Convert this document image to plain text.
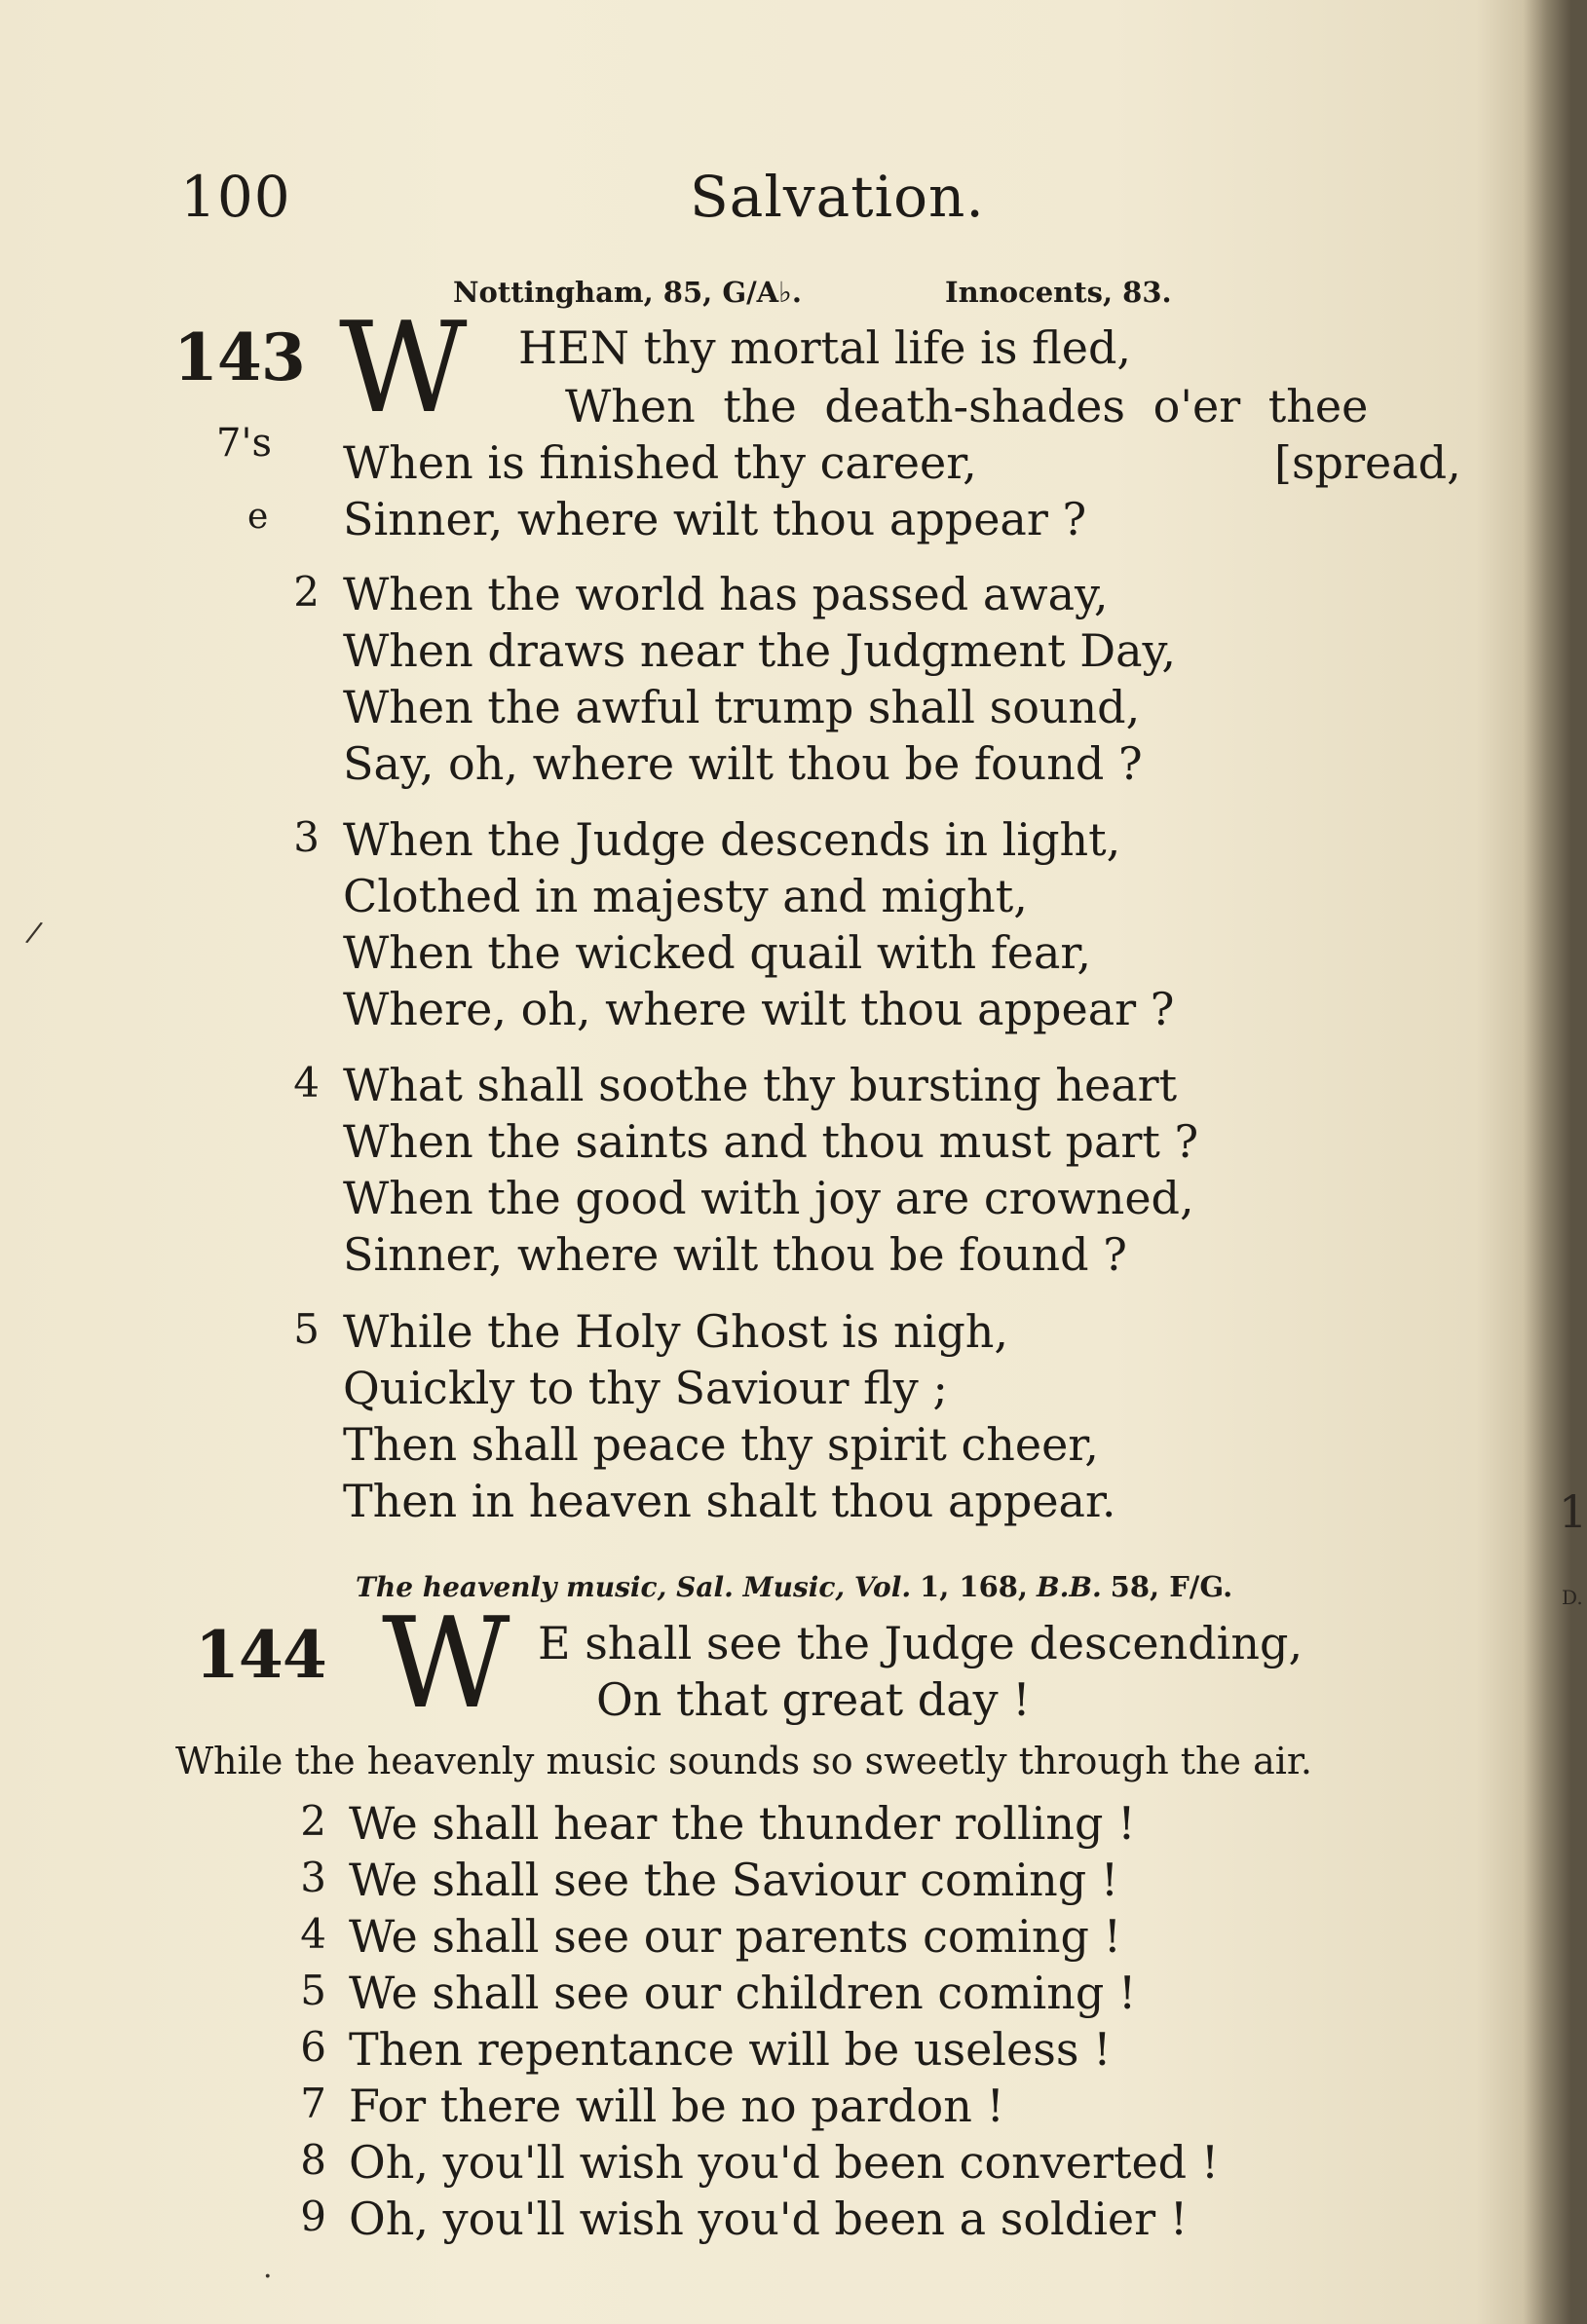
100	Salvation.
Nottingham, 85, G/A♭.	Innocents, 83.
143 W
7's
e
HEN thy mortal life is fled,
When the death-shades o'er thee
When is finished thy career,	[spread,
Sinner, where wilt thou appear ?
2 When the world has passed away,
When draws near the Judgment Day,
When the awful trump shall sound,
Say, oh, where wilt thou be found ?
3 When the Judge descends in light,
Clothed in majesty and might,
When the wicked quail with fear,
Where, oh, where wilt thou appear ?
4 What shall soothe thy bursting heart
When the saints and thou must part ?
When the good with joy are crowned,
Sinner, where wilt thou be found ?
5 While the Holy Ghost is nigh,
Quickly to thy Saviour fly ;
Then shall peace thy spirit cheer,
Then in heaven shalt thou appear.
The heavenly music, Sal. Music, Vol. 1, 168, B.B. 58, F/G.
144 W E shall see the Judge descending,
On that great day !
While the heavenly music sounds so sweetly through the air.
2 We shall hear the thunder rolling !
3 We shall see the Saviour coming !
4 We shall see our parents coming !
5 We shall see our children coming !
6 Then repentance will be useless !
7 For there will be no pardon !
8 Oh, you'll wish you'd been converted !
9 Oh, you'll wish you'd been a soldier !
1
D.
/
·
